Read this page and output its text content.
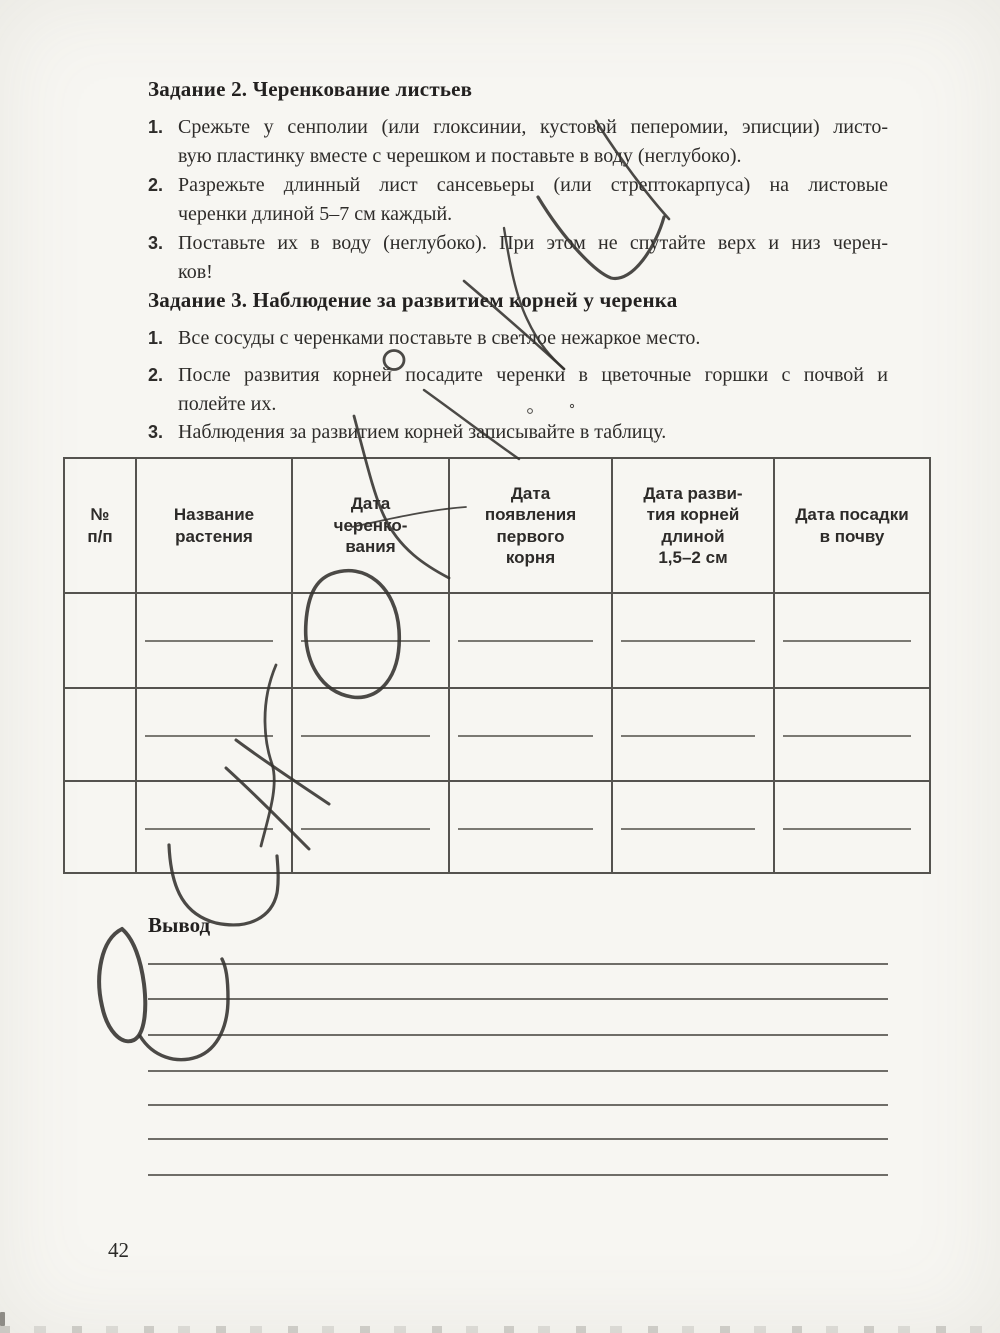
Задание 2. Черенкование листьев
1. Срежьте у сенполии (или глоксинии, кустовой пеперомии, эписции) листо-
вую пластинку вместе с черешком и поставьте в воду (неглубоко).
2. Разрежьте длинный лист сансевьеры (или стрептокарпуса) на листовые
черенки длиной 5–7 см каждый.
3. Поставьте их в воду (неглубоко). При этом не спутайте верх и низ черен-
ков!
Задание 3. Наблюдение за развитием корней у черенка
1. Все сосуды с черенками поставьте в светлое нежаркое место.
2. После развития корней посадите черенки в цветочные горшки с почвой и
полейте их.
3. Наблюдения за развитием корней записывайте в таблицу.
№
п/п
Название
растения
Дата
черенко-
вания
Дата
появления
первого
корня
Дата разви-
тия корней
длиной
1,5–2 см
Дата посадки
в почву
Вывод
42
